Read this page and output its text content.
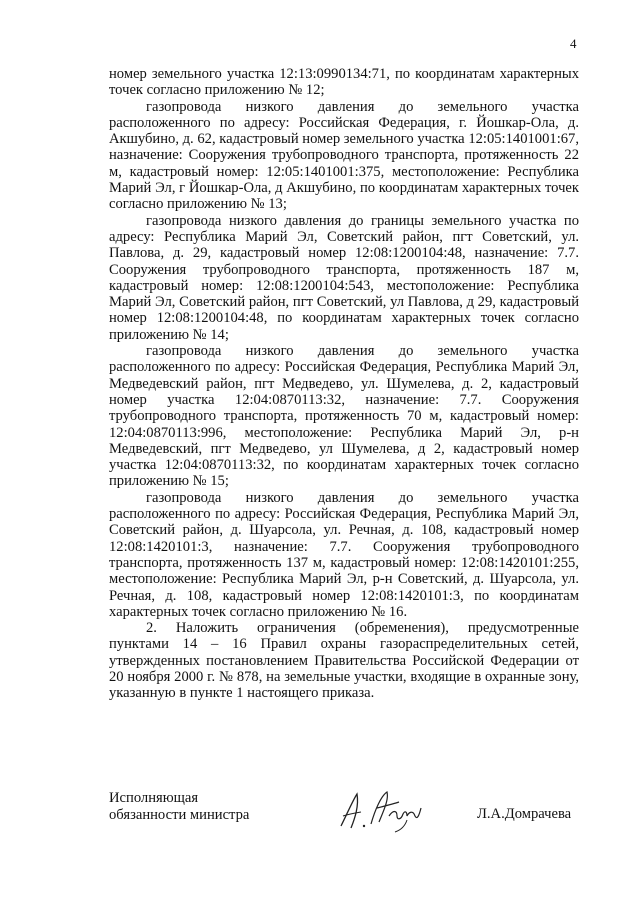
4

номер земельного участка 12:13:0990134:71, по координатам характерных точек согласно приложению № 12;

газопровода низкого давления до земельного участка расположенного по адресу: Российская Федерация, г. Йошкар-Ола, д. Акшубино, д. 62, кадастровый номер земельного участка 12:05:1401001:67, назначение: Сооружения трубопроводного транспорта, протяженность 22 м, кадастровый номер: 12:05:1401001:375, местоположение: Республика Марий Эл, г Йошкар-Ола, д Акшубино, по координатам характерных точек согласно приложению № 13;

газопровода низкого давления до границы земельного участка по адресу: Республика Марий Эл, Советский район, пгт Советский, ул. Павлова, д. 29, кадастровый номер 12:08:1200104:48, назначение: 7.7. Сооружения трубопроводного транспорта, протяженность 187 м, кадастровый номер: 12:08:1200104:543, местоположение: Республика Марий Эл, Советский район, пгт Советский, ул Павлова, д 29, кадастровый номер 12:08:1200104:48, по координатам характерных точек согласно приложению № 14;

газопровода низкого давления до земельного участка расположенного по адресу: Российская Федерация, Республика Марий Эл, Медведевский район, пгт Медведево, ул. Шумелева, д. 2, кадастровый номер участка 12:04:0870113:32, назначение: 7.7. Сооружения трубопроводного транспорта, протяженность 70 м, кадастровый номер: 12:04:0870113:996, местоположение: Республика Марий Эл, р-н Медведевский, пгт Медведево, ул Шумелева, д 2, кадастровый номер участка 12:04:0870113:32, по координатам характерных точек согласно приложению № 15;

газопровода низкого давления до земельного участка расположенного по адресу: Российская Федерация, Республика Марий Эл, Советский район, д. Шуарсола, ул. Речная, д. 108, кадастровый номер 12:08:1420101:3, назначение: 7.7. Сооружения трубопроводного транспорта, протяженность 137 м, кадастровый номер: 12:08:1420101:255, местоположение: Республика Марий Эл, р-н Советский, д. Шуарсола, ул. Речная, д. 108, кадастровый номер 12:08:1420101:3, по координатам характерных точек согласно приложению № 16.

2. Наложить ограничения (обременения), предусмотренные пунктами 14 – 16 Правил охраны газораспределительных сетей, утвержденных постановлением Правительства Российской Федерации от 20 ноября 2000 г. № 878, на земельные участки, входящие в охранные зону, указанную в пункте 1 настоящего приказа.

Исполняющая
обязанности министра	Л.А.Домрачева
